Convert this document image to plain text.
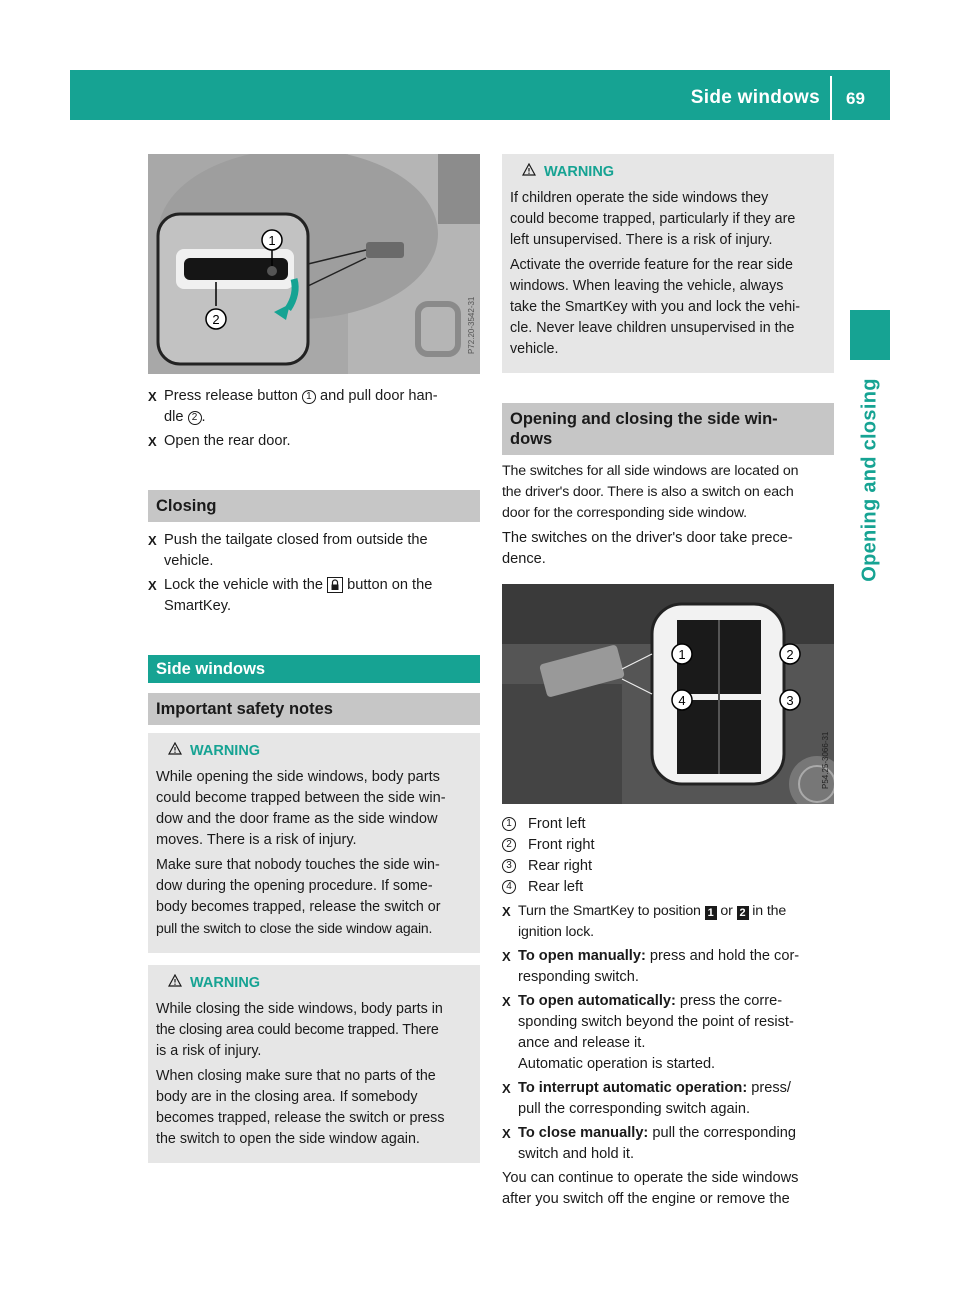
Side windows 69
Opening and closing
1
2	P72.20-3542-31
X Press release button 1 and pull door han-
dle 2 .
X Open the rear door.
Closing
X Push the tailgate closed from outside the
vehicle.
X Lock the vehicle with the  button on the
SmartKey.
Side windows
Important safety notes
WARNING

While opening the side windows, body parts
could become trapped between the side win-
dow and the door frame as the side window
moves. There is a risk of injury.

Make sure that nobody touches the side win-
dow during the opening procedure. If some-
body becomes trapped, release the switch or
pull the switch to close the side window again.

WARNING

While closing the side windows, body parts in
the closing area could become trapped. There
is a risk of injury.

When closing make sure that no parts of the
body are in the closing area. If somebody
becomes trapped, release the switch or press
the switch to open the side window again.

WARNING

If children operate the side windows they
could become trapped, particularly if they are
left unsupervised. There is a risk of injury.

Activate the override feature for the rear side
windows. When leaving the vehicle, always
take the SmartKey with you and lock the vehi-
cle. Never leave children unsupervised in the
vehicle.

Opening and closing the side win-
dows

The switches for all side windows are located on
the driver's door. There is also a switch on each
door for the corresponding side window.

The switches on the driver's door take prece-
dence.

1	2
3
4
P54.25-3066-31
1 Front left
2 Front right
3 Rear right
4 Rear left
X Turn the SmartKey to position 1 or 2 in the
ignition lock.
X To open manually: press and hold the cor-
responding switch.
X To open automatically: press the corre-
sponding switch beyond the point of resist-
ance and release it.
Automatic operation is started.
X To interrupt automatic operation: press/
pull the corresponding switch again.
X To close manually: pull the corresponding
switch and hold it.

You can continue to operate the side windows
after you switch off the engine or remove the
